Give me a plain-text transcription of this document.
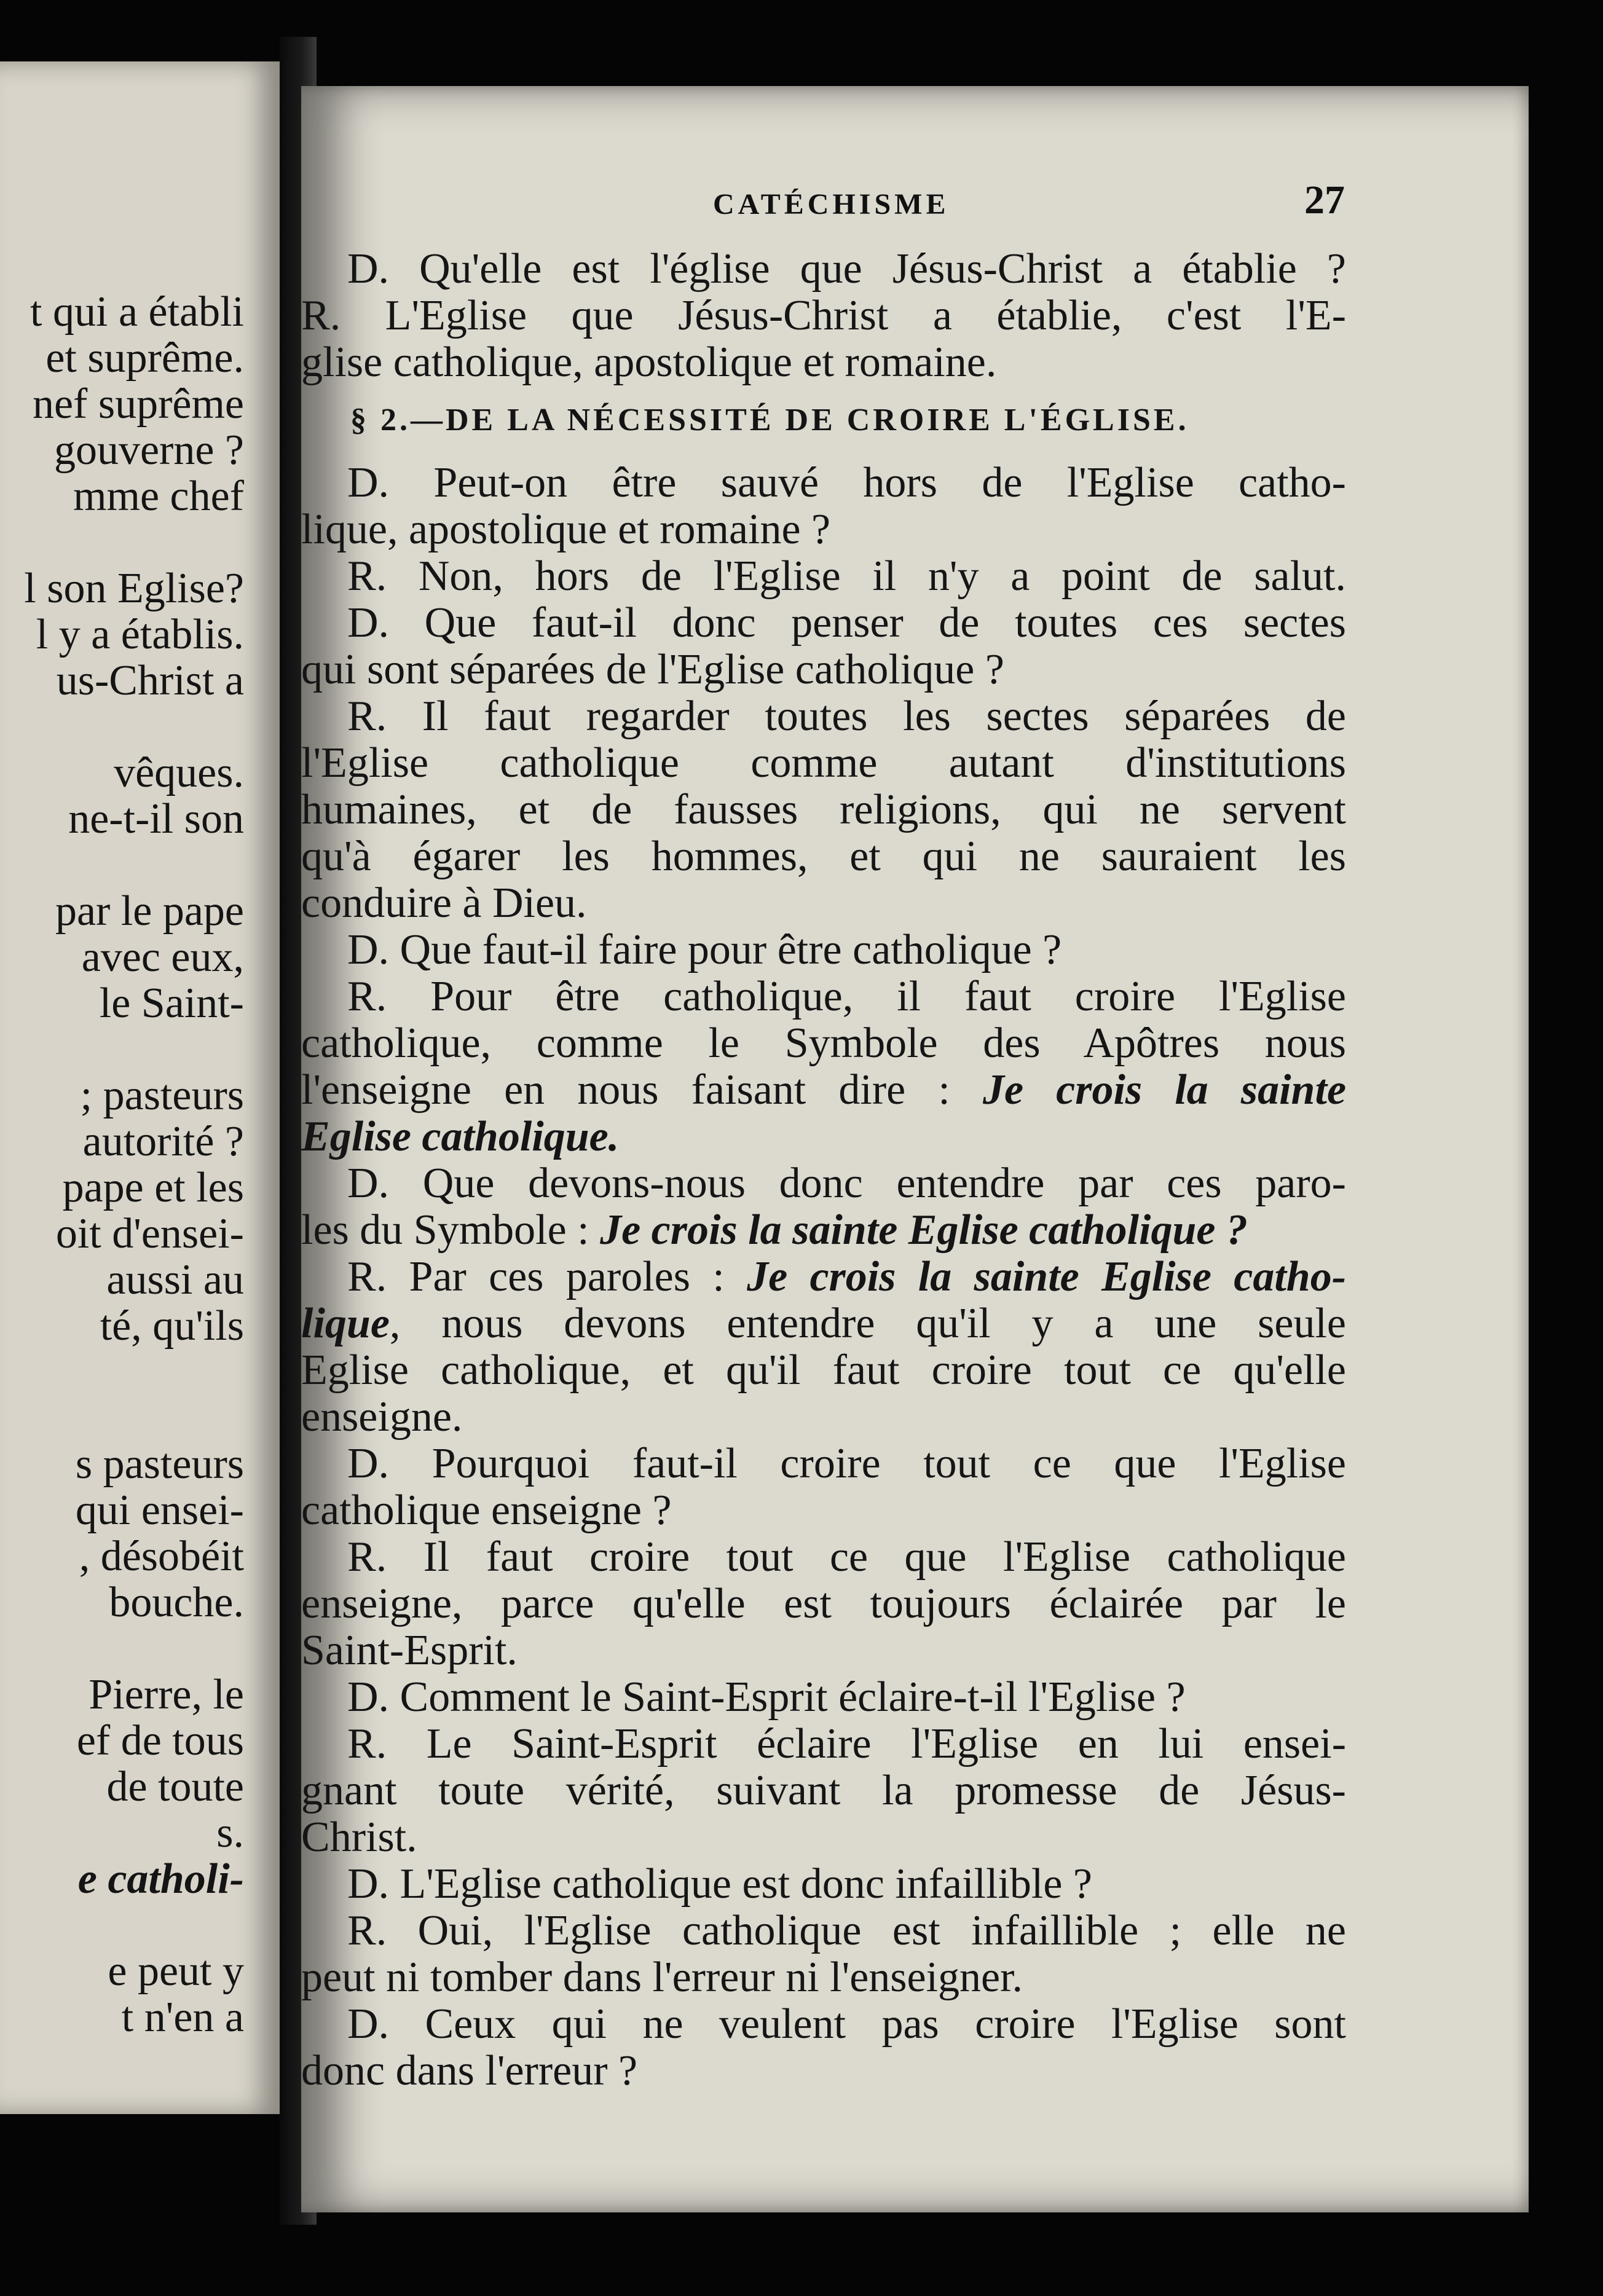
t qui a établi
et suprême.
nef suprême
gouverne ?
mme chef
l son Eglise?
l y a établis.
us-Christ a
vêques.
ne-t-il son
par le pape
avec eux,
le Saint-
; pasteurs
autorité ?
pape et les
oit d'ensei-
aussi au
té, qu'ils
s pasteurs
qui ensei-
, désobéit
bouche.
Pierre, le
ef de tous
de toute
s.
e catholi-
e peut y
t n'en a
CATÉCHISME	27
D. Qu'elle est l'église que Jésus-Christ a établie ?
R. L'Eglise que Jésus-Christ a établie, c'est l'E-
glise catholique, apostolique et romaine.
§ 2.—DE LA NÉCESSITÉ DE CROIRE L'ÉGLISE.
D. Peut-on être sauvé hors de l'Eglise catho-
lique, apostolique et romaine ?
R. Non, hors de l'Eglise il n'y a point de salut.
D. Que faut-il donc penser de toutes ces sectes
qui sont séparées de l'Eglise catholique ?
R. Il faut regarder toutes les sectes séparées de
l'Eglise catholique comme autant d'institutions
humaines, et de fausses religions, qui ne servent
qu'à égarer les hommes, et qui ne sauraient les
conduire à Dieu.
D. Que faut-il faire pour être catholique ?
R. Pour être catholique, il faut croire l'Eglise
catholique, comme le Symbole des Apôtres nous
l'enseigne en nous faisant dire : Je crois la sainte
Eglise catholique.
D. Que devons-nous donc entendre par ces paro-
les du Symbole : Je crois la sainte Eglise catholique ?
R. Par ces paroles : Je crois la sainte Eglise catho-
lique, nous devons entendre qu'il y a une seule
Eglise catholique, et qu'il faut croire tout ce qu'elle
enseigne.
D. Pourquoi faut-il croire tout ce que l'Eglise
catholique enseigne ?
R. Il faut croire tout ce que l'Eglise catholique
enseigne, parce qu'elle est toujours éclairée par le
Saint-Esprit.
D. Comment le Saint-Esprit éclaire-t-il l'Eglise ?
R. Le Saint-Esprit éclaire l'Eglise en lui ensei-
gnant toute vérité, suivant la promesse de Jésus-
Christ.
D. L'Eglise catholique est donc infaillible ?
R. Oui, l'Eglise catholique est infaillible ; elle ne
peut ni tomber dans l'erreur ni l'enseigner.
D. Ceux qui ne veulent pas croire l'Eglise sont
donc dans l'erreur ?
